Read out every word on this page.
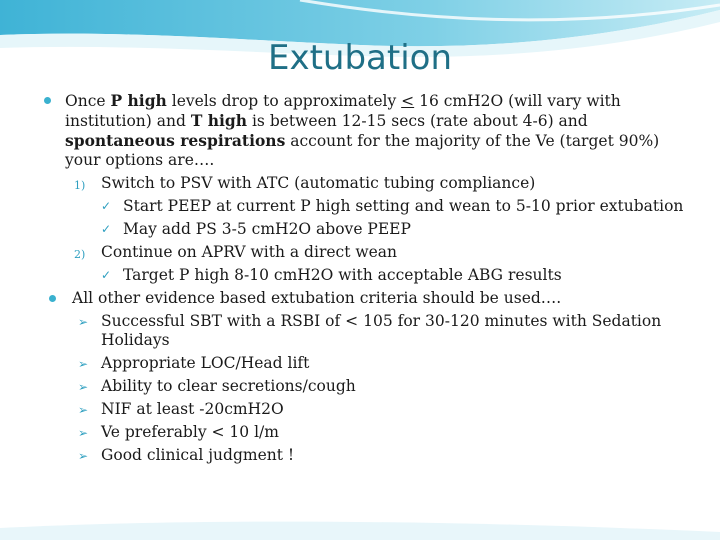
Extubation
Once P high levels drop to approximately < 16 cmH2O (will vary with institution) and T high is between 12-15 secs (rate about 4-6) and spontaneous respirations account for the majority of the Ve (target 90%) your options are….
1) Switch to PSV with ATC (automatic tubing compliance)
✓ Start PEEP at current P high setting and wean to 5-10 prior extubation
✓ May add PS 3-5 cmH2O above PEEP
2) Continue on APRV with a direct wean
✓ Target P high 8-10 cmH2O with acceptable ABG results
All other evidence based extubation criteria should be used….
➢ Successful SBT with a RSBI of < 105 for 30-120 minutes with Sedation Holidays
➢ Appropriate LOC/Head lift
➢ Ability to clear secretions/cough
➢ NIF at least -20cmH2O
➢ Ve preferably < 10 l/m
➢ Good clinical judgment !
